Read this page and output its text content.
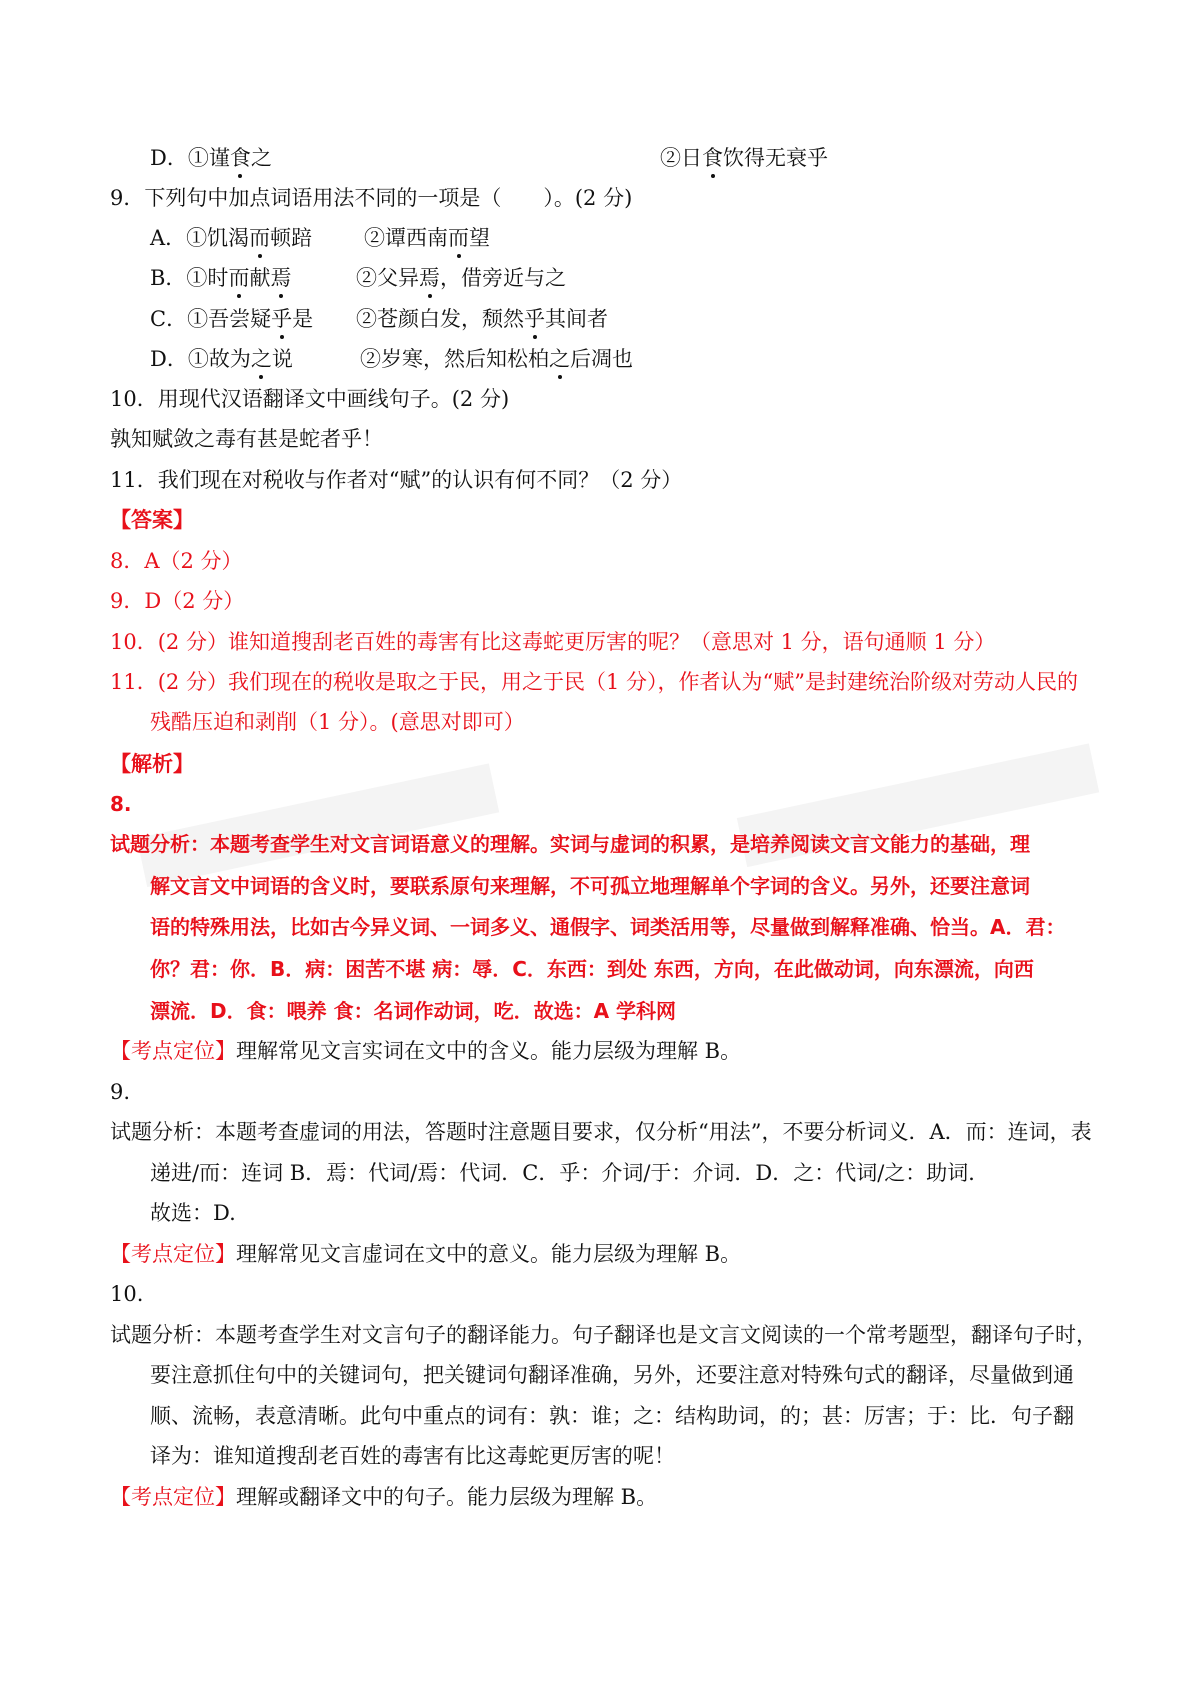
D．①谨食之	②日食饮得无衰乎
9．下列句中加点词语用法不同的一项是（　　）。(2 分)
A．①饥渴而顿踣 ②谭西南而望
B．①时而献焉	②父异焉，借旁近与之
C．①吾尝疑乎是 ②苍颜白发，颓然乎其间者
D．①故为之说	②岁寒，然后知松柏之后凋也
10．用现代汉语翻译文中画线句子。(2 分)
孰知赋敛之毒有甚是蛇者乎！
11．我们现在对税收与作者对“赋”的认识有何不同？（2 分）
【答案】
8．A（2 分）
9．D（2 分）
10．(2 分）谁知道搜刮老百姓的毒害有比这毒蛇更厉害的呢？（意思对 1 分，语句通顺 1 分）
11．(2 分）我们现在的税收是取之于民，用之于民（1 分），作者认为“赋”是封建统治阶级对劳动人民的
残酷压迫和剥削（1 分）。(意思对即可）
【解析】
8.
试题分析：本题考查学生对文言词语意义的理解。实词与虚词的积累，是培养阅读文言文能力的基础，理
解文言文中词语的含义时，要联系原句来理解，不可孤立地理解单个字词的含义。另外，还要注意词
语的特殊用法，比如古今异义词、一词多义、通假字、词类活用等，尽量做到解释准确、恰当。A．君：
你？君：你．B．病：困苦不堪 病：辱．C．东西：到处 东西，方向，在此做动词，向东漂流，向西
漂流．D．食：喂养 食：名词作动词，吃．故选：A 学科网
【考点定位】理解常见文言实词在文中的含义。能力层级为理解 B。
9.
试题分析：本题考查虚词的用法，答题时注意题目要求，仅分析“用法”，不要分析词义．A．而：连词，表
递进/而：连词 B．焉：代词/焉：代词．C．乎：介词/于：介词．D．之：代词/之：助词．
故选：D.
【考点定位】理解常见文言虚词在文中的意义。能力层级为理解 B。
10.
试题分析：本题考查学生对文言句子的翻译能力。句子翻译也是文言文阅读的一个常考题型，翻译句子时，
要注意抓住句中的关键词句，把关键词句翻译准确，另外，还要注意对特殊句式的翻译，尽量做到通
顺、流畅，表意清晰。此句中重点的词有：孰：谁；之：结构助词，的；甚：厉害；于：比．句子翻
译为：谁知道搜刮老百姓的毒害有比这毒蛇更厉害的呢！
【考点定位】理解或翻译文中的句子。能力层级为理解 B。
